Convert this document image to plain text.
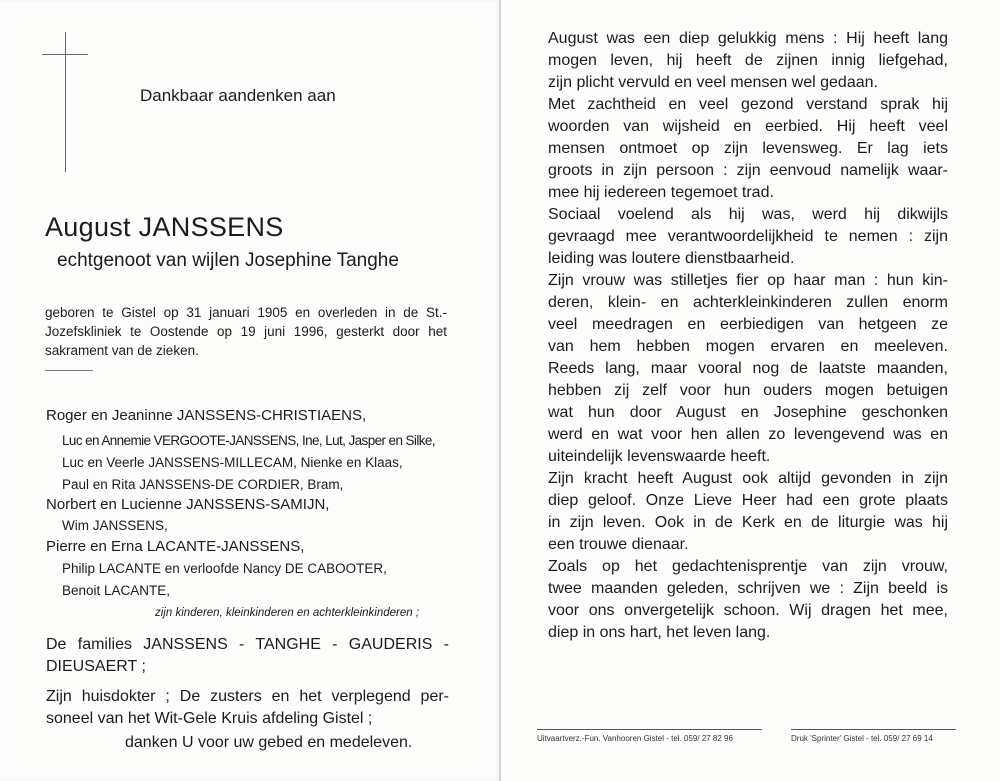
Dankbaar aandenken aan
August JANSSENS
echtgenoot van wijlen Josephine Tanghe
geboren te Gistel op 31 januari 1905 en overleden in de St.-Jozefskliniek te Oostende op 19 juni 1996, gesterkt door het sakrament van de zieken.
Roger en Jeaninne JANSSENS-CHRISTIAENS,
Luc en Annemie VERGOOTE-JANSSENS, Ine, Lut, Jasper en Silke,
Luc en Veerle JANSSENS-MILLECAM, Nienke en Klaas,
Paul en Rita JANSSENS-DE CORDIER, Bram,
Norbert en Lucienne JANSSENS-SAMIJN,
Wim JANSSENS,
Pierre en Erna LACANTE-JANSSENS,
Philip LACANTE en verloofde Nancy DE CABOOTER,
Benoit LACANTE,
zijn kinderen, kleinkinderen en achterkleinkinderen ;
De families JANSSENS - TANGHE - GAUDERIS -
DIEUSAERT ;
Zijn huisdokter ; De zusters en het verplegend per-
soneel van het Wit-Gele Kruis afdeling Gistel ;
danken U voor uw gebed en medeleven.
August was een diep gelukkig mens : Hij heeft lang
mogen leven, hij heeft de zijnen innig liefgehad,
zijn plicht vervuld en veel mensen wel gedaan.
Met zachtheid en veel gezond verstand sprak hij
woorden van wijsheid en eerbied. Hij heeft veel
mensen ontmoet op zijn levensweg. Er lag iets
groots in zijn persoon : zijn eenvoud namelijk waar-
mee hij iedereen tegemoet trad.
Sociaal voelend als hij was, werd hij dikwijls
gevraagd mee verantwoordelijkheid te nemen : zijn
leiding was loutere dienstbaarheid.
Zijn vrouw was stilletjes fier op haar man : hun kin-
deren, klein- en achterkleinkinderen zullen enorm
veel meedragen en eerbiedigen van hetgeen ze
van hem hebben mogen ervaren en meeleven.
Reeds lang, maar vooral nog de laatste maanden,
hebben zij zelf voor hun ouders mogen betuigen
wat hun door August en Josephine geschonken
werd en wat voor hen allen zo levengevend was en
uiteindelijk levenswaarde heeft.
Zijn kracht heeft August ook altijd gevonden in zijn
diep geloof. Onze Lieve Heer had een grote plaats
in zijn leven. Ook in de Kerk en de liturgie was hij
een trouwe dienaar.
Zoals op het gedachtenisprentje van zijn vrouw,
twee maanden geleden, schrijven we : Zijn beeld is
voor ons onvergetelijk schoon. Wij dragen het mee,
diep in ons hart, het leven lang.
Uitvaartverz.-Fun. Vanhooren Gistel - tel. 059/ 27 82 96	Druk 'Sprinter' Gistel - tel. 059/ 27 69 14
